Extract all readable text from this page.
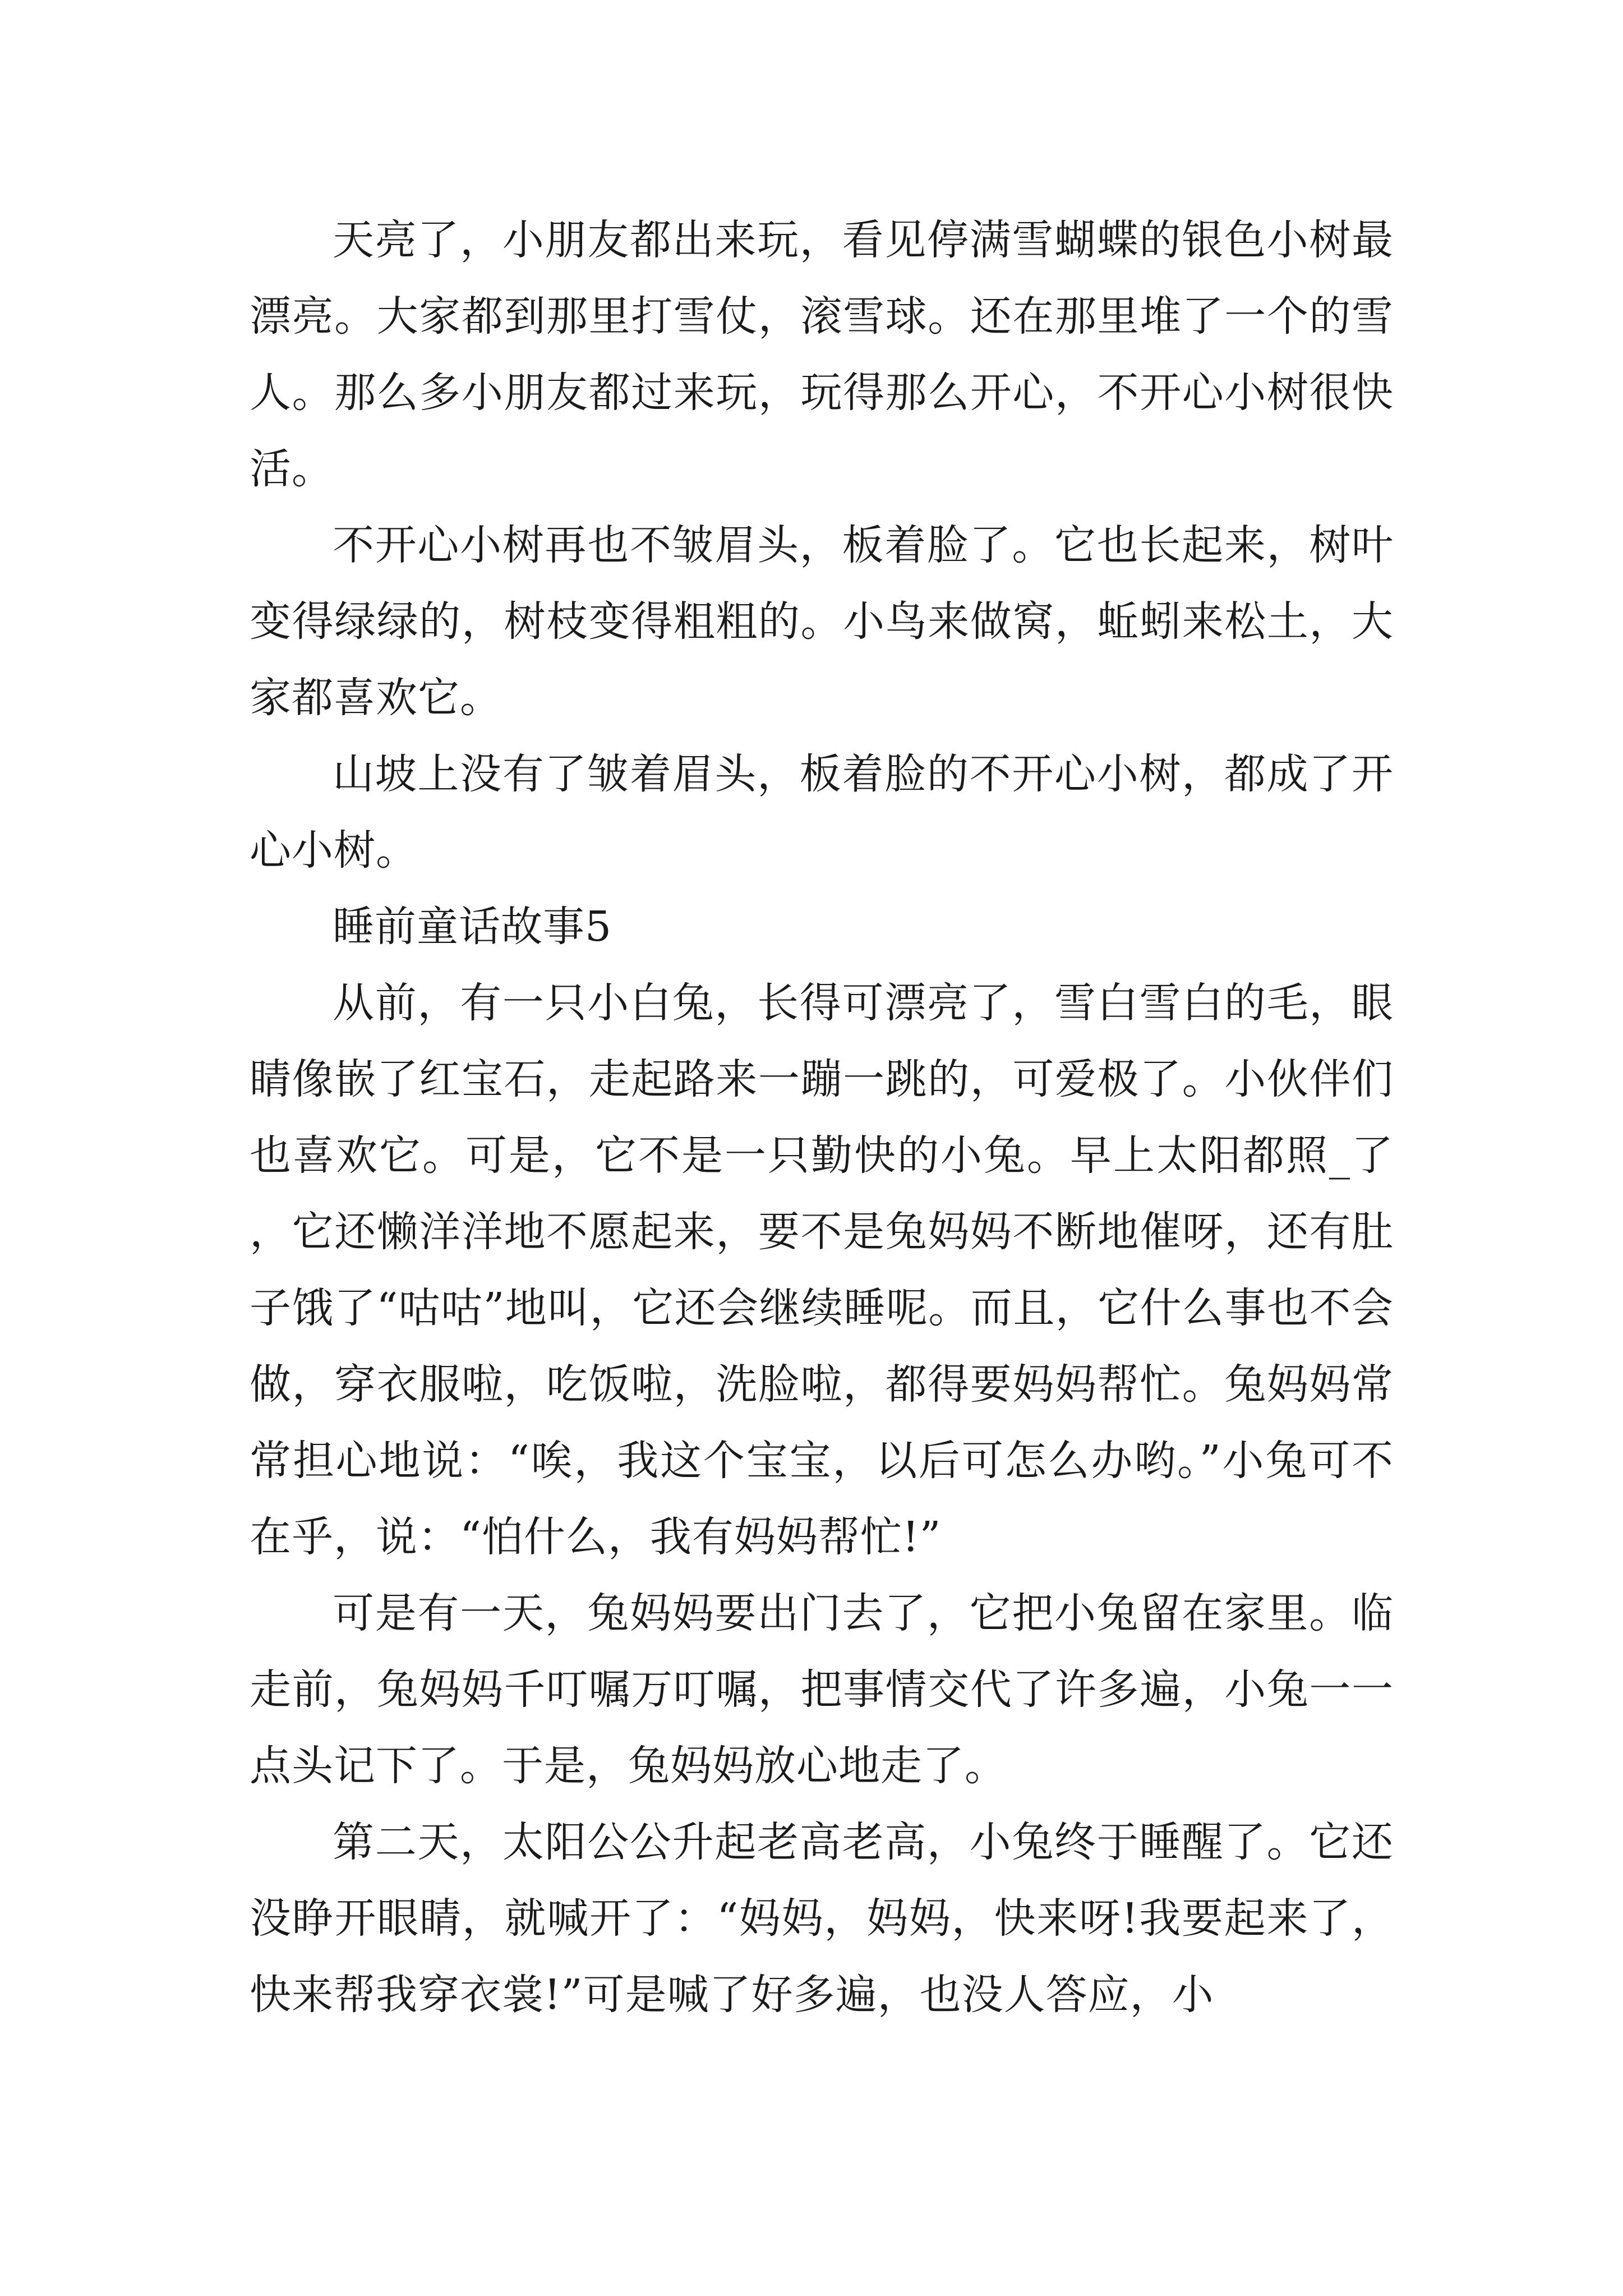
天亮了，小朋友都出来玩，看见停满雪蝴蝶的银色小树最漂亮。大家都到那里打雪仗，滚雪球。还在那里堆了一个的雪人。那么多小朋友都过来玩，玩得那么开心，不开心小树很快活。

不开心小树再也不皱眉头，板着脸了。它也长起来，树叶变得绿绿的，树枝变得粗粗的。小鸟来做窝，蚯蚓来松土，大家都喜欢它。

山坡上没有了皱着眉头，板着脸的不开心小树，都成了开心小树。

睡前童话故事5

从前，有一只小白兔，长得可漂亮了，雪白雪白的毛，眼睛像嵌了红宝石，走起路来一蹦一跳的，可爱极了。小伙伴们也喜欢它。可是，它不是一只勤快的小兔。早上太阳都照_了，它还懒洋洋地不愿起来，要不是兔妈妈不断地催呀，还有肚子饿了“咕咕”地叫，它还会继续睡呢。而且，它什么事也不会做，穿衣服啦，吃饭啦，洗脸啦，都得要妈妈帮忙。兔妈妈常常担心地说：“唉，我这个宝宝，以后可怎么办哟。”小兔可不在乎，说：“怕什么，我有妈妈帮忙!”

可是有一天，兔妈妈要出门去了，它把小兔留在家里。临走前，兔妈妈千叮嘱万叮嘱，把事情交代了许多遍，小兔一一点头记下了。于是，兔妈妈放心地走了。

第二天，太阳公公升起老高老高，小兔终于睡醒了。它还没睁开眼睛，就喊开了：“妈妈，妈妈，快来呀!我要起来了，快来帮我穿衣裳!”可是喊了好多遍，也没人答应，小
